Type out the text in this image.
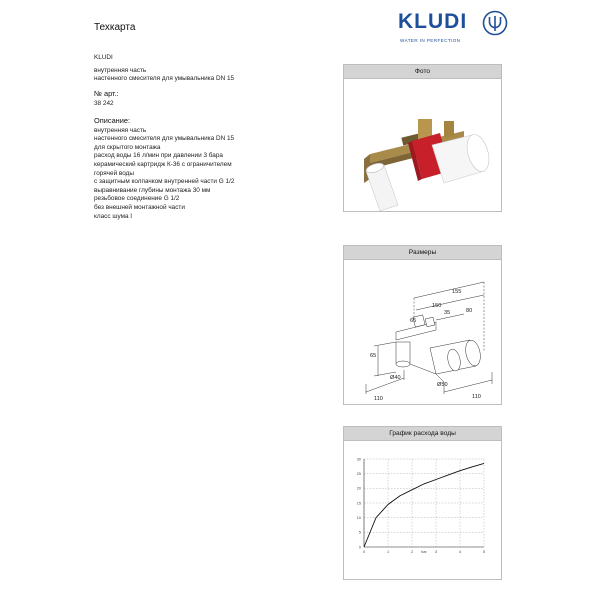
Техкарта	KLUDI
WATER IN PERFECTION
KLUDI
внутренняя часть
настенного смесителя для умывальника DN 15
№ арт.:
38 242
Описание:
внутренняя часть
настенного смесителя для умывальника DN 15
для скрытого монтажа
расход воды 16 л/мин при давлении 3 бара
керамический картридж К-36 с ограничителем
горячей воды
с защитным колпачком внутренней части G 1/2
выравнивание глубины монтажа 30 мм
резьбовое соединение G 1/2
без внешней монтажной части
класс шума I
Фото
Размеры
Ø40
Ø50
155
150
35	80
65
65
110	110
График расхода воды
0	1	2	3	4	5
0
5
10
15
20
25
30
bar
